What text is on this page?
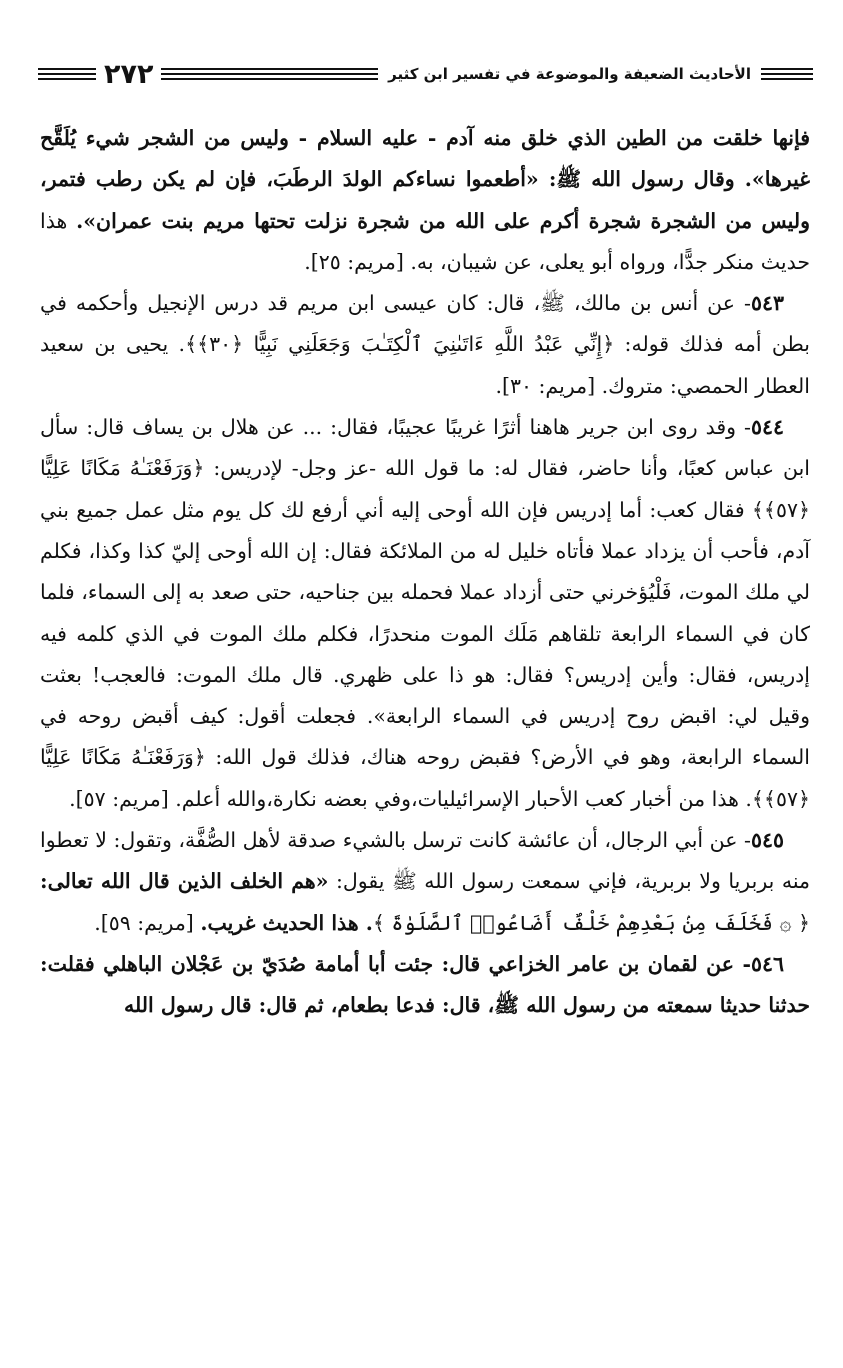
٢٧٢	الأحاديث الضعيفة والموضوعة في تفسير ابن كثير

فإنها خلقت من الطين الذي خلق منه آدم - عليه السلام - وليس من الشجر شيء يُلَقَّح غيرها». وقال رسول الله ﷺ: «أطعموا نساءكم الولدَ الرطَبَ، فإن لم يكن رطب فتمر، وليس من الشجرة شجرة أكرم على الله من شجرة نزلت تحتها مريم بنت عمران». هذا حديث منكر جدًّا، ورواه أبو يعلى، عن شيبان، به. [مريم: ٢٥].

٥٤٣- عن أنس بن مالك، ﷺ، قال: كان عيسى ابن مريم قد درس الإنجيل وأحكمه في بطن أمه فذلك قوله: ﴿إِنِّي عَبْدُ اللَّهِ ءَاتَىٰنِيَ ٱلْكِتَـٰبَ وَجَعَلَنِي نَبِيًّا ﴿٣٠﴾﴾. يحيى بن سعيد العطار الحمصي: متروك. [مريم: ٣٠].

٥٤٤- وقد روى ابن جرير هاهنا أثرًا غريبًا عجيبًا، فقال: ... عن هلال بن يساف قال: سأل ابن عباس كعبًا، وأنا حاضر، فقال له: ما قول الله -عز وجل- لإدريس: ﴿وَرَفَعْنَـٰهُ مَكَانًا عَلِيًّا ﴿٥٧﴾﴾ فقال كعب: أما إدريس فإن الله أوحى إليه أني أرفع لك كل يوم مثل عمل جميع بني آدم، فأحب أن يزداد عملا فأتاه خليل له من الملائكة فقال: إن الله أوحى إليّ كذا وكذا، فكلم لي ملك الموت، فَلْيُؤخرني حتى أزداد عملا فحمله بين جناحيه، حتى صعد به إلى السماء، فلما كان في السماء الرابعة تلقاهم مَلَك الموت منحدرًا، فكلم ملك الموت في الذي كلمه فيه إدريس، فقال: وأين إدريس؟ فقال: هو ذا على ظهري. قال ملك الموت: فالعجب! بعثت وقيل لي: اقبض روح إدريس في السماء الرابعة». فجعلت أقول: كيف أقبض روحه في السماء الرابعة، وهو في الأرض؟ فقبض روحه هناك، فذلك قول الله: ﴿وَرَفَعْنَـٰهُ مَكَانًا عَلِيًّا ﴿٥٧﴾﴾. هذا من أخبار كعب الأحبار الإسرائيليات،وفي بعضه نكارة،والله أعلم. [مريم: ٥٧].

٥٤٥- عن أبي الرجال، أن عائشة كانت ترسل بالشيء صدقة لأهل الصُّفَّة، وتقول: لا تعطوا منه بربريا ولا بربرية، فإني سمعت رسول الله ﷺ يقول: «هم الخلف الذين قال الله تعالى: ﴿ ۞ فَخَلَفَ مِنۢ بَعْدِهِمْ خَلْفٌ أَضَاعُوا۟ ٱلصَّلَوٰةَ ﴾. هذا الحديث غريب. [مريم: ٥٩].

٥٤٦- عن لقمان بن عامر الخزاعي قال: جئت أبا أمامة صُدَيّ بن عَجْلان الباهلي فقلت: حدثنا حديثا سمعته من رسول الله ﷺ، قال: فدعا بطعام، ثم قال: قال رسول الله
